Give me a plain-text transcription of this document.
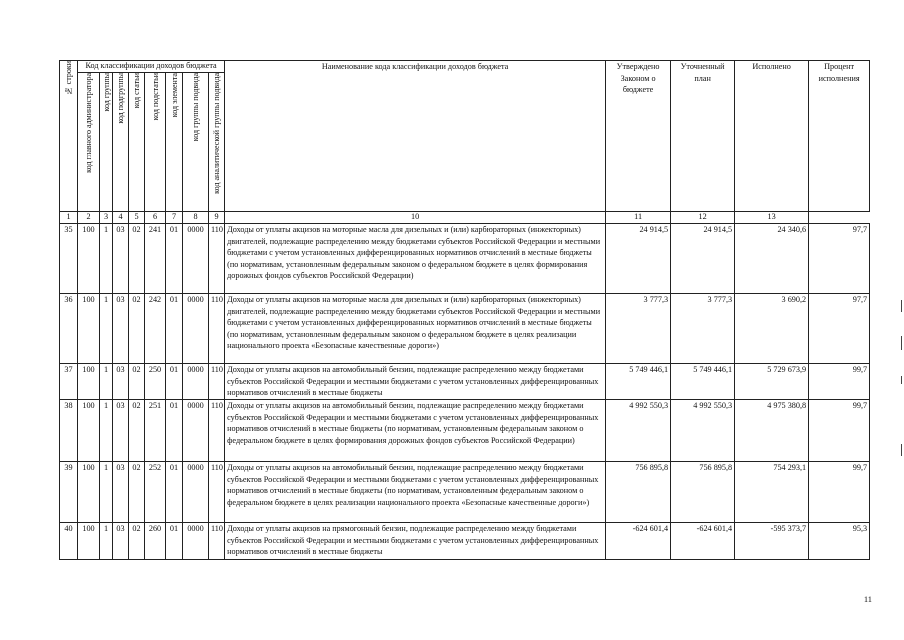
№ строки	Код классификации доходов бюджета								Наименование кода классификации доходов бюджета	Утверждено Законом о бюджете	Уточненный план	Исполнено	Процент исполнения
	код главного администратора	код группы	код подгруппы	код статьи	код подстатьи	код элемента	код группы подвида	код аналитической группы подвида					
1	2	3	4	5	6	7	8	9	10	11	12	13	
35	100	1	03	02	241	01	0000	110	Доходы от уплаты акцизов на моторные масла для дизельных и (или) карбюраторных (инжекторных) двигателей, подлежащие распределению между бюджетами субъектов Российской Федерации и местными бюджетами с учетом установленных дифференцированных нормативов отчислений в местные бюджеты (по нормативам, установленным федеральным законом о федеральном бюджете в целях формирования дорожных фондов субъектов Российской Федерации)	24 914,5	24 914,5	24 340,6	97,7
36	100	1	03	02	242	01	0000	110	Доходы от уплаты акцизов на моторные масла для дизельных и (или) карбюраторных (инжекторных) двигателей, подлежащие распределению между бюджетами субъектов Российской Федерации и местными бюджетами с учетом установленных дифференцированных нормативов отчислений в местные бюджеты (по нормативам, установленным федеральным законом о федеральном бюджете в целях реализации национального проекта «Безопасные качественные дороги»)	3 777,3	3 777,3	3 690,2	97,7
37	100	1	03	02	250	01	0000	110	Доходы от уплаты акцизов на автомобильный бензин, подлежащие распределению между бюджетами субъектов Российской Федерации и местными бюджетами с учетом установленных дифференцированных нормативов отчислений в местные бюджеты	5 749 446,1	5 749 446,1	5 729 673,9	99,7
38	100	1	03	02	251	01	0000	110	Доходы от уплаты акцизов на автомобильный бензин, подлежащие распределению между бюджетами субъектов Российской Федерации и местными бюджетами с учетом установленных дифференцированных нормативов отчислений в местные бюджеты (по нормативам, установленным федеральным законом о федеральном бюджете в целях формирования дорожных фондов субъектов Российской Федерации)	4 992 550,3	4 992 550,3	4 975 380,8	99,7
39	100	1	03	02	252	01	0000	110	Доходы от уплаты акцизов на автомобильный бензин, подлежащие распределению между бюджетами субъектов Российской Федерации и местными бюджетами с учетом установленных дифференцированных нормативов отчислений в местные бюджеты (по нормативам, установленным федеральным законом о федеральном бюджете в целях реализации национального проекта «Безопасные качественные дороги»)	756 895,8	756 895,8	754 293,1	99,7
40	100	1	03	02	260	01	0000	110	Доходы от уплаты акцизов на прямогонный бензин, подлежащие распределению между бюджетами субъектов Российской Федерации и местными бюджетами с учетом установленных дифференцированных нормативов отчислений в местные бюджеты	-624 601,4	-624 601,4	-595 373,7	95,3
11
